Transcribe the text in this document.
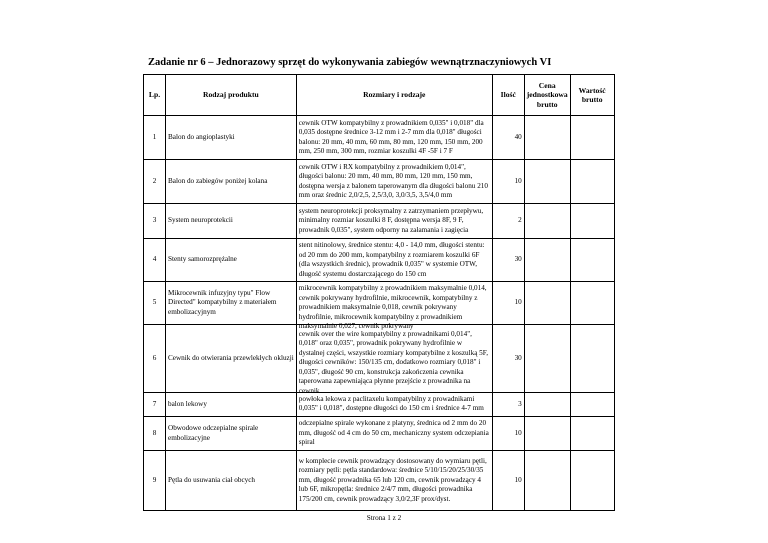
Zadanie nr 6 – Jednorazowy sprzęt do wykonywania zabiegów wewnątrznaczyniowych VI
Lp.	Rodzaj produktu	Rozmiary i rodzaje	Ilość	Cena jednostkowa brutto	Wartość brutto
1	Balon do angioplastyki	cewnik OTW kompatybilny z prowadnikiem 0,035" i 0,018" dla 0,035 dostępne średnice 3-12 mm i 2-7 mm dla 0,018" długości balonu: 20 mm, 40 mm, 60 mm, 80 mm, 120 mm, 150 mm, 200 mm, 250 mm, 300 mm, rozmiar koszulki 4F -5F i 7 F	40		
2	Balon do zabiegów poniżej kolana	cewnik OTW i RX kompatybilny z prowadnikiem 0,014", długości balonu: 20 mm, 40 mm, 80 mm, 120 mm, 150 mm, dostępna wersja z balonem taperowanym dla długości balonu 210 mm oraz średnic 2,0/2,5, 2,5/3,0, 3,0/3,5, 3,5/4,0 mm	10		
3	System neuroprotekcii	system neuroprotekcji proksymalny z zatrzymaniem przepływu, minimalny rozmiar koszulki 8 F, dostępna wersja 8F, 9 F, prowadnik 0,035", system odporny na załamania i zagięcia	2		
4	Stenty samorozprężalne	stent nitinolowy, średnice stentu: 4,0 - 14,0 mm, długości stentu: od 20 mm do 200 mm, kompatybilny z rozmiarem koszulki 6F (dla wszystkich średnic), prowadnik 0,035" w systemie OTW, długość systemu dostarczającego do 150 cm	30		
5	Mikrocewnik infuzyjny typu" Flow Directed" kompatybilny z materiałem embolizacyjnym	mikrocewnik kompatybilny z prowadnikiem maksymalnie 0,014, cewnik pokrywany hydrofilnie, mikrocewnik, kompatybilny z prowadnikiem maksymalnie 0,018, cewnik pokrywany hydrofilnie, mikrocewnik kompatybilny z prowadnikiem maksymalnie 0,027, cewnik pokrywany	10		
6	Cewnik do otwierania przewlekłych okluzji	cewnik over the wire kompatybilny z prowadnikami 0,014", 0,018" oraz 0,035", prowadnik pokrywany hydrofilnie w dystalnej części, wszystkie rozmiary kompatybilne z koszulką 5F, długości cewników: 150/135 cm, dodatkowo rozmiary 0,018" i 0,035", długość 90 cm, konstrukcja zakończenia cewnika taperowana zapewniająca płynne przejście z prowadnika na cewnik	30		
7	balon lekowy	powłoka lekowa z paclitaxelu kompatybilny z prowadnikami 0,035" i 0,018", dostępne długości do 150 cm i średnice 4-7 mm	3		
8	Obwodowe odczepialne spirale embolizacyjne	odczepialne spirale wykonane z platyny, średnica od 2 mm do 20 mm, długość od 4 cm do 50 cm, mechaniczny system odczepiania spiral	10		
9	Pętla do usuwania ciał obcych	w komplecie cewnik prowadzący dostosowany do wymiaru pętli, rozmiary pętli: pętla standardowa: średnice 5/10/15/20/25/30/35 mm, długość prowadnika 65 lub 120 cm, cewnik prowadzący 4 lub 6F, mikropętla: średnice 2/4/7 mm, długości prowadnika 175/200 cm, cewnik prowadzący 3,0/2,3F prox/dyst.	10		
Strona 1 z 2
